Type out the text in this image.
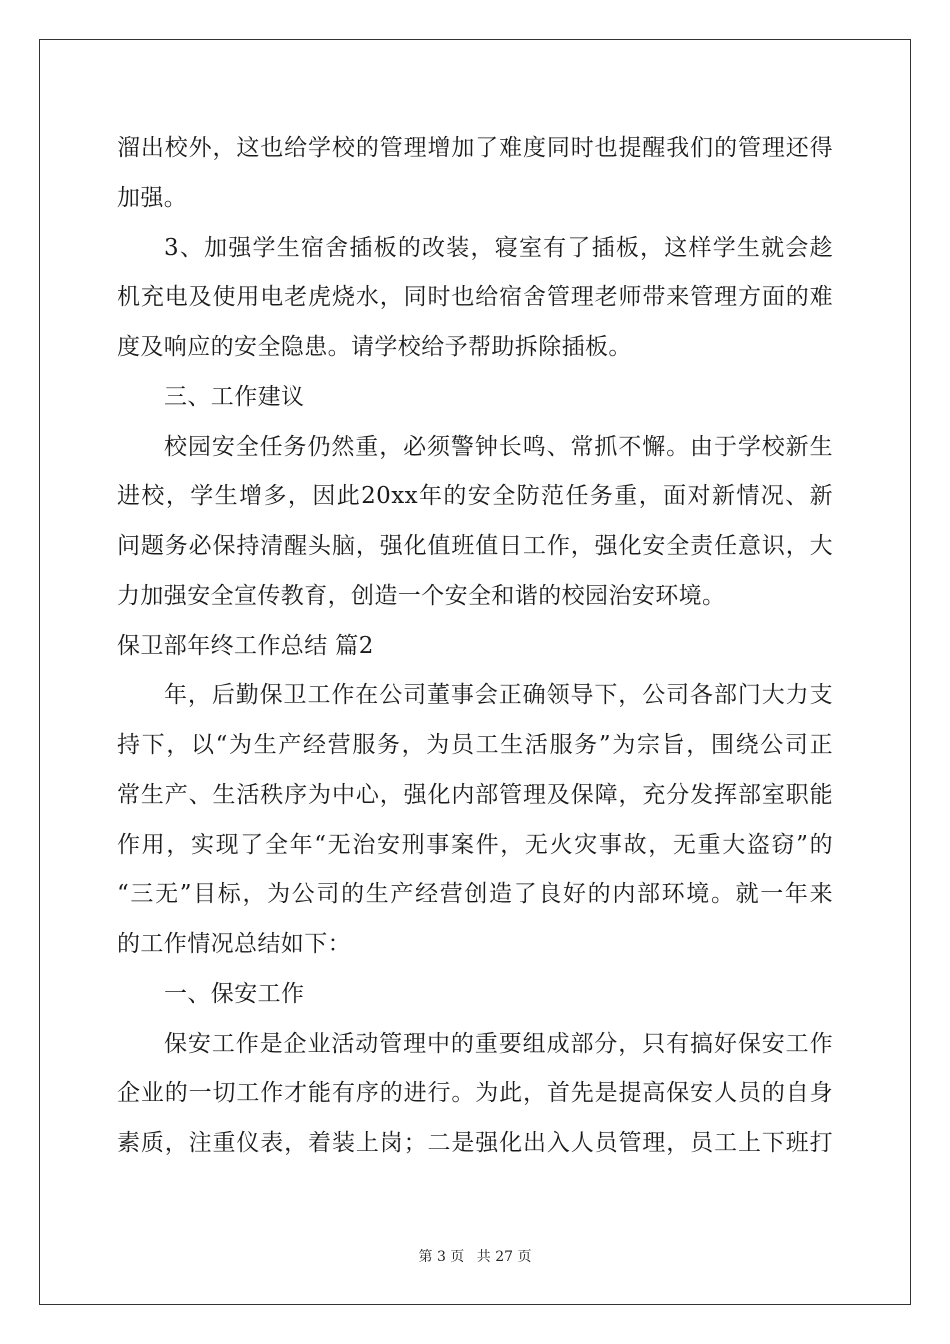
溜出校外，这也给学校的管理增加了难度同时也提醒我们的管理还得
加强。
3、加强学生宿舍插板的改装，寝室有了插板，这样学生就会趁
机充电及使用电老虎烧水，同时也给宿舍管理老师带来管理方面的难
度及响应的安全隐患。请学校给予帮助拆除插板。
三、工作建议
校园安全任务仍然重，必须警钟长鸣、常抓不懈。由于学校新生
进校，学生增多，因此20xx年的安全防范任务重，面对新情况、新
问题务必保持清醒头脑，强化值班值日工作，强化安全责任意识，大
力加强安全宣传教育，创造一个安全和谐的校园治安环境。
保卫部年终工作总结 篇2
年，后勤保卫工作在公司董事会正确领导下，公司各部门大力支
持下，以“为生产经营服务，为员工生活服务”为宗旨，围绕公司正
常生产、生活秩序为中心，强化内部管理及保障，充分发挥部室职能
作用，实现了全年“无治安刑事案件，无火灾事故，无重大盗窃”的
“三无”目标，为公司的生产经营创造了良好的内部环境。就一年来
的工作情况总结如下：
一、保安工作
保安工作是企业活动管理中的重要组成部分，只有搞好保安工作
企业的一切工作才能有序的进行。为此，首先是提高保安人员的自身
素质，注重仪表，着装上岗；二是强化出入人员管理，员工上下班打
第 3 页 共 27 页
